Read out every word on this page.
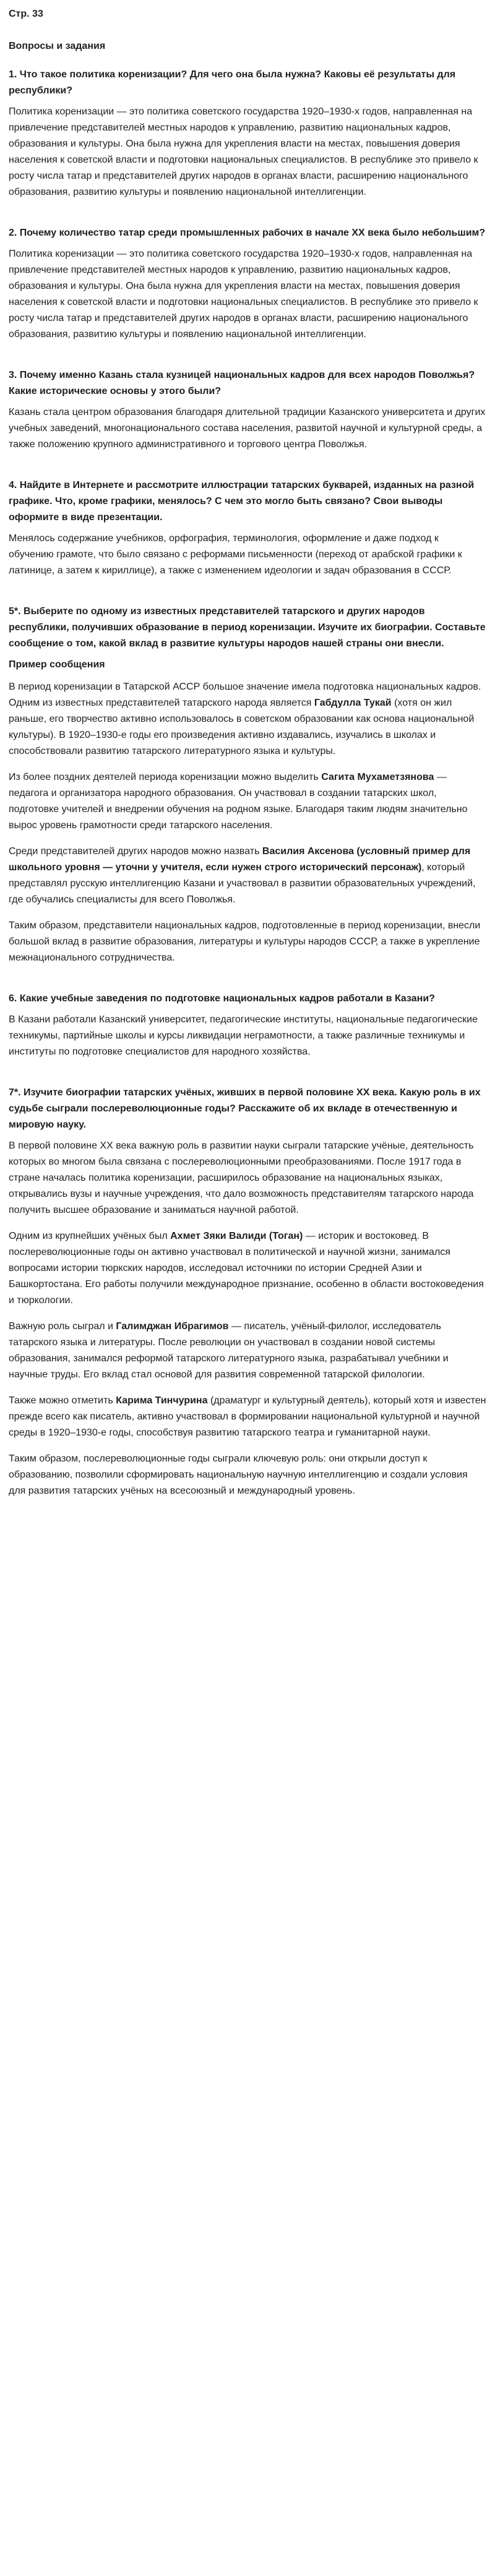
Стр. 33
Вопросы и задания
1. Что такое политика коренизации? Для чего она была нужна? Каковы её результаты для республики?
Политика коренизации — это политика советского государства 1920–1930-х годов, направленная на привлечение представителей местных народов к управлению, развитию национальных кадров, образования и культуры. Она была нужна для укрепления власти на местах, повышения доверия населения к советской власти и подготовки национальных специалистов. В республике это привело к росту числа татар и представителей других народов в органах власти, расширению национального образования, развитию культуры и появлению национальной интеллигенции.
2. Почему количество татар среди промышленных рабочих в начале XX века было небольшим?
Политика коренизации — это политика советского государства 1920–1930-х годов, направленная на привлечение представителей местных народов к управлению, развитию национальных кадров, образования и культуры. Она была нужна для укрепления власти на местах, повышения доверия населения к советской власти и подготовки национальных специалистов. В республике это привело к росту числа татар и представителей других народов в органах власти, расширению национального образования, развитию культуры и появлению национальной интеллигенции.
3. Почему именно Казань стала кузницей национальных кадров для всех народов Поволжья? Какие исторические основы у этого были?
Казань стала центром образования благодаря длительной традиции Казанского университета и других учебных заведений, многонационального состава населения, развитой научной и культурной среды, а также положению крупного административного и торгового центра Поволжья.
4. Найдите в Интернете и рассмотрите иллюстрации татарских букварей, изданных на разной графике. Что, кроме графики, менялось? С чем это могло быть связано? Свои выводы оформите в виде презентации.
Менялось содержание учебников, орфография, терминология, оформление и даже подход к обучению грамоте, что было связано с реформами письменности (переход от арабской графики к латинице, а затем к кириллице), а также с изменением идеологии и задач образования в СССР.
5*. Выберите по одному из известных представителей татарского и других народов республики, получивших образование в период коренизации. Изучите их биографии. Составьте сообщение о том, какой вклад в развитие культуры народов нашей страны они внесли.
Пример сообщения
В период коренизации в Татарской АССР большое значение имела подготовка национальных кадров. Одним из известных представителей татарского народа является Габдулла Тукай (хотя он жил раньше, его творчество активно использовалось в советском образовании как основа национальной культуры). В 1920–1930-е годы его произведения активно издавались, изучались в школах и способствовали развитию татарского литературного языка и культуры.
Из более поздних деятелей периода коренизации можно выделить Сагита Мухаметзянова — педагога и организатора народного образования. Он участвовал в создании татарских школ, подготовке учителей и внедрении обучения на родном языке. Благодаря таким людям значительно вырос уровень грамотности среди татарского населения.
Среди представителей других народов можно назвать Василия Аксенова (условный пример для школьного уровня — уточни у учителя, если нужен строго исторический персонаж), который представлял русскую интеллигенцию Казани и участвовал в развитии образовательных учреждений, где обучались специалисты для всего Поволжья.
Таким образом, представители национальных кадров, подготовленные в период коренизации, внесли большой вклад в развитие образования, литературы и культуры народов СССР, а также в укрепление межнационального сотрудничества.
6. Какие учебные заведения по подготовке национальных кадров работали в Казани?
В Казани работали Казанский университет, педагогические институты, национальные педагогические техникумы, партийные школы и курсы ликвидации неграмотности, а также различные техникумы и институты по подготовке специалистов для народного хозяйства.
7*. Изучите биографии татарских учёных, живших в первой половине XX века. Какую роль в их судьбе сыграли послереволюционные годы? Расскажите об их вкладе в отечественную и мировую науку.
В первой половине XX века важную роль в развитии науки сыграли татарские учёные, деятельность которых во многом была связана с послереволюционными преобразованиями. После 1917 года в стране началась политика коренизации, расширилось образование на национальных языках, открывались вузы и научные учреждения, что дало возможность представителям татарского народа получить высшее образование и заниматься научной работой.
Одним из крупнейших учёных был Ахмет Зяки Валиди (Тоган) — историк и востоковед. В послереволюционные годы он активно участвовал в политической и научной жизни, занимался вопросами истории тюркских народов, исследовал источники по истории Средней Азии и Башкортостана. Его работы получили международное признание, особенно в области востоковедения и тюркологии.
Важную роль сыграл и Галимджан Ибрагимов — писатель, учёный-филолог, исследователь татарского языка и литературы. После революции он участвовал в создании новой системы образования, занимался реформой татарского литературного языка, разрабатывал учебники и научные труды. Его вклад стал основой для развития современной татарской филологии.
Также можно отметить Карима Тинчурина (драматург и культурный деятель), который хотя и известен прежде всего как писатель, активно участвовал в формировании национальной культурной и научной среды в 1920–1930-е годы, способствуя развитию татарского театра и гуманитарной науки.
Таким образом, послереволюционные годы сыграли ключевую роль: они открыли доступ к образованию, позволили сформировать национальную научную интеллигенцию и создали условия для развития татарских учёных на всесоюзный и международный уровень.
